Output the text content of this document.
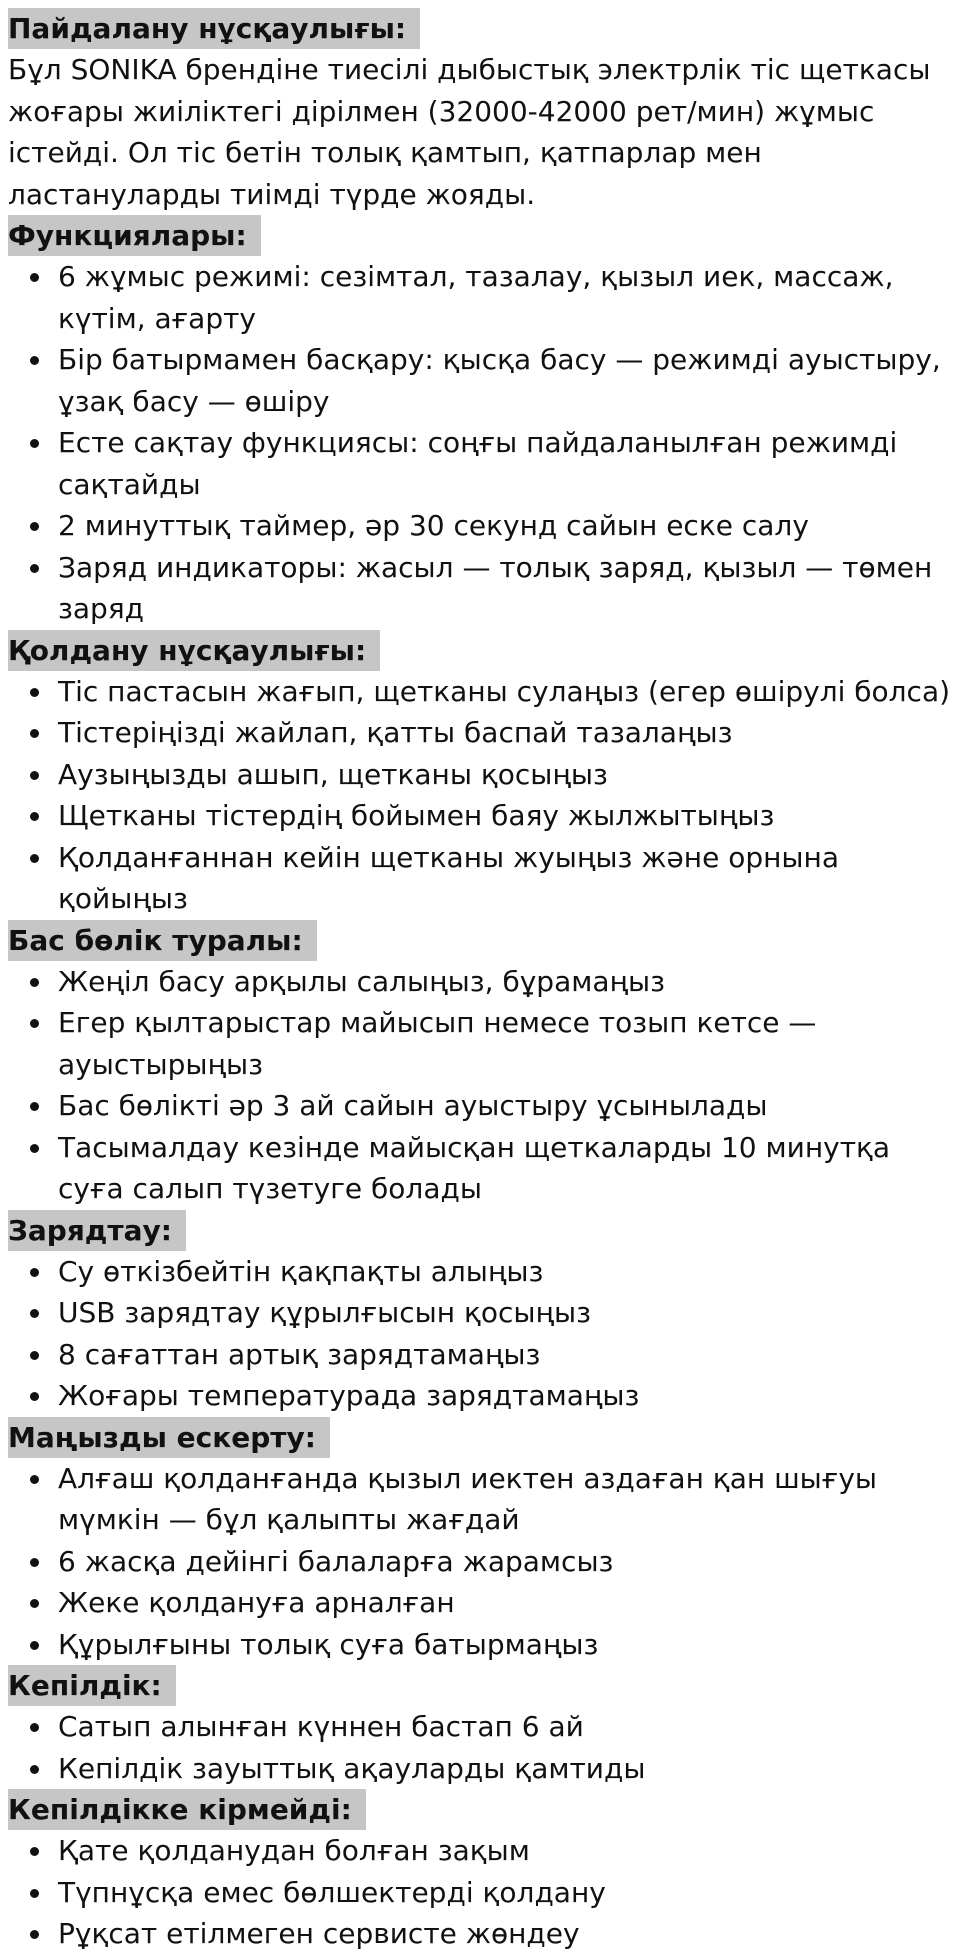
Пайдалану нұсқаулығы:

Бұл SONIKA брендіне тиесілі дыбыстық электрлік тіс щеткасы жоғары жиіліктегі дірілмен (32000-42000 рет/мин) жұмыс істейді. Ол тіс бетін толық қамтып, қатпарлар мен ластануларды тиімді түрде жояды.

Функциялары:
6 жұмыс режимі: сезімтал, тазалау, қызыл иек, массаж, күтім, ағарту
Бір батырмамен басқару: қысқа басу — режимді ауыстыру, ұзақ басу — өшіру
Есте сақтау функциясы: соңғы пайдаланылған режимді сақтайды
2 минуттық таймер, әр 30 секунд сайын еске салу
Заряд индикаторы: жасыл — толық заряд, қызыл — төмен заряд
Қолдану нұсқаулығы:
Тіс пастасын жағып, щетканы сулаңыз (егер өшірулі болса)
Тістеріңізді жайлап, қатты баспай тазалаңыз
Аузыңызды ашып, щетканы қосыңыз
Щетканы тістердің бойымен баяу жылжытыңыз
Қолданғаннан кейін щетканы жуыңыз және орнына қойыңыз
Бас бөлік туралы:
Жеңіл басу арқылы салыңыз, бұрамаңыз
Егер қылтарыстар майысып немесе тозып кетсе — ауыстырыңыз
Бас бөлікті әр 3 ай сайын ауыстыру ұсынылады
Тасымалдау кезінде майысқан щеткаларды 10 минутқа суға салып түзетуге болады
Зарядтау:
Су өткізбейтін қақпақты алыңыз
USB зарядтау құрылғысын қосыңыз
8 сағаттан артық зарядтамаңыз
Жоғары температурада зарядтамаңыз
Маңызды ескерту:
Алғаш қолданғанда қызыл иектен аздаған қан шығуы мүмкін — бұл қалыпты жағдай
6 жасқа дейінгі балаларға жарамсыз
Жеке қолдануға арналған
Құрылғыны толық суға батырмаңыз
Кепілдік:
Сатып алынған күннен бастап 6 ай
Кепілдік зауыттық ақауларды қамтиды
Кепілдікке кірмейді:
Қате қолданудан болған зақым
Түпнұсқа емес бөлшектерді қолдану
Рұқсат етілмеген сервисте жөндеу
